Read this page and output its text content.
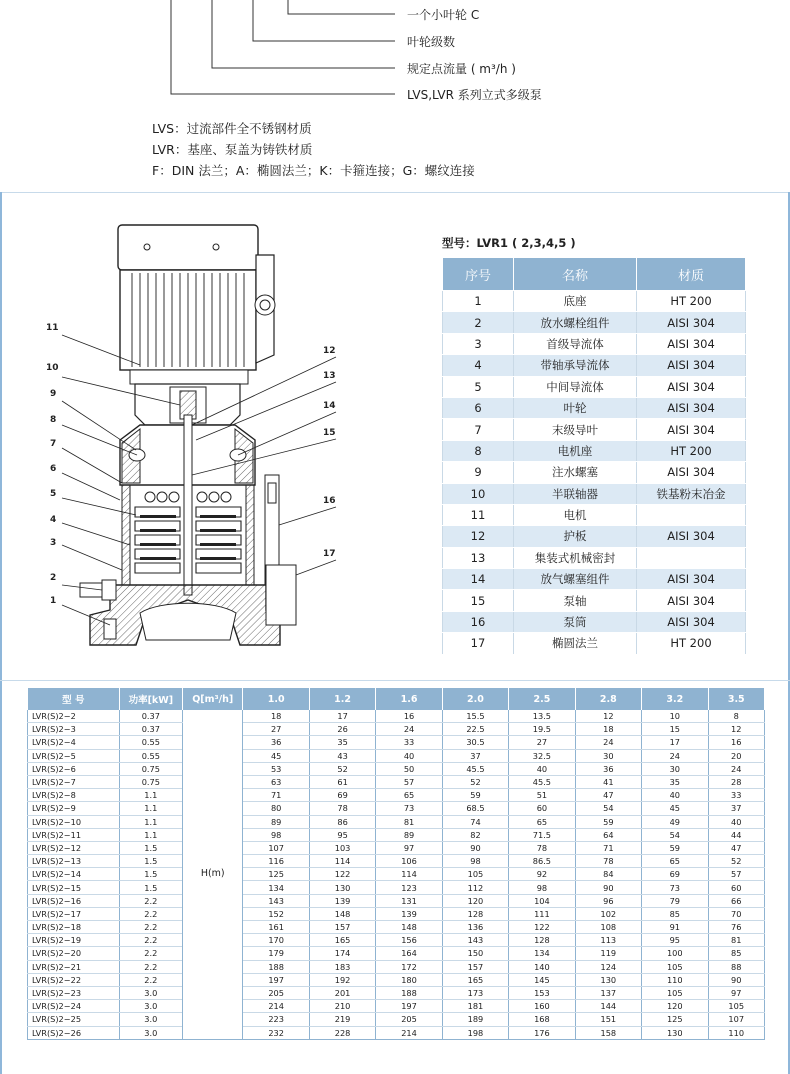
一个小叶轮 C
叶轮级数
规定点流量 ( m³/h )
LVS,LVR 系列立式多级泵
LVS：过流部件全不锈钢材质
LVR：基座、泵盖为铸铁材质
F：DIN 法兰；A：椭圆法兰；K：卡箍连接；G：螺纹连接
1
2
3
4
5
6
7
8
9
10
11
12
13
14
15
16
17
型号：LVR1 ( 2,3,4,5 )
序号	名称	材质
1	底座	HT 200
2	放水螺栓组件	AISI 304
3	首级导流体	AISI 304
4	带轴承导流体	AISI 304
5	中间导流体	AISI 304
6	叶轮	AISI 304
7	末级导叶	AISI 304
8	电机座	HT 200
9	注水螺塞	AISI 304
10	半联轴器	铁基粉末冶金
11	电机	
12	护板	AISI 304
13	集装式机械密封	
14	放气螺塞组件	AISI 304
15	泵轴	AISI 304
16	泵筒	AISI 304
17	椭圆法兰	HT 200
型 号	功率[kW]	Q[m³/h]	1.0	1.2	1.6	2.0	2.5	2.8	3.2	3.5
LVR(S)2−2	0.37	H(m)	18	17	16	15.5	13.5	12	10	8
LVR(S)2−3	0.37		27	26	24	22.5	19.5	18	15	12
LVR(S)2−4	0.55		36	35	33	30.5	27	24	17	16
LVR(S)2−5	0.55		45	43	40	37	32.5	30	24	20
LVR(S)2−6	0.75		53	52	50	45.5	40	36	30	24
LVR(S)2−7	0.75		63	61	57	52	45.5	41	35	28
LVR(S)2−8	1.1		71	69	65	59	51	47	40	33
LVR(S)2−9	1.1		80	78	73	68.5	60	54	45	37
LVR(S)2−10	1.1		89	86	81	74	65	59	49	40
LVR(S)2−11	1.1		98	95	89	82	71.5	64	54	44
LVR(S)2−12	1.5		107	103	97	90	78	71	59	47
LVR(S)2−13	1.5		116	114	106	98	86.5	78	65	52
LVR(S)2−14	1.5		125	122	114	105	92	84	69	57
LVR(S)2−15	1.5		134	130	123	112	98	90	73	60
LVR(S)2−16	2.2		143	139	131	120	104	96	79	66
LVR(S)2−17	2.2		152	148	139	128	111	102	85	70
LVR(S)2−18	2.2		161	157	148	136	122	108	91	76
LVR(S)2−19	2.2		170	165	156	143	128	113	95	81
LVR(S)2−20	2.2		179	174	164	150	134	119	100	85
LVR(S)2−21	2.2		188	183	172	157	140	124	105	88
LVR(S)2−22	2.2		197	192	180	165	145	130	110	90
LVR(S)2−23	3.0		205	201	188	173	153	137	105	97
LVR(S)2−24	3.0		214	210	197	181	160	144	120	105
LVR(S)2−25	3.0		223	219	205	189	168	151	125	107
LVR(S)2−26	3.0		232	228	214	198	176	158	130	110
